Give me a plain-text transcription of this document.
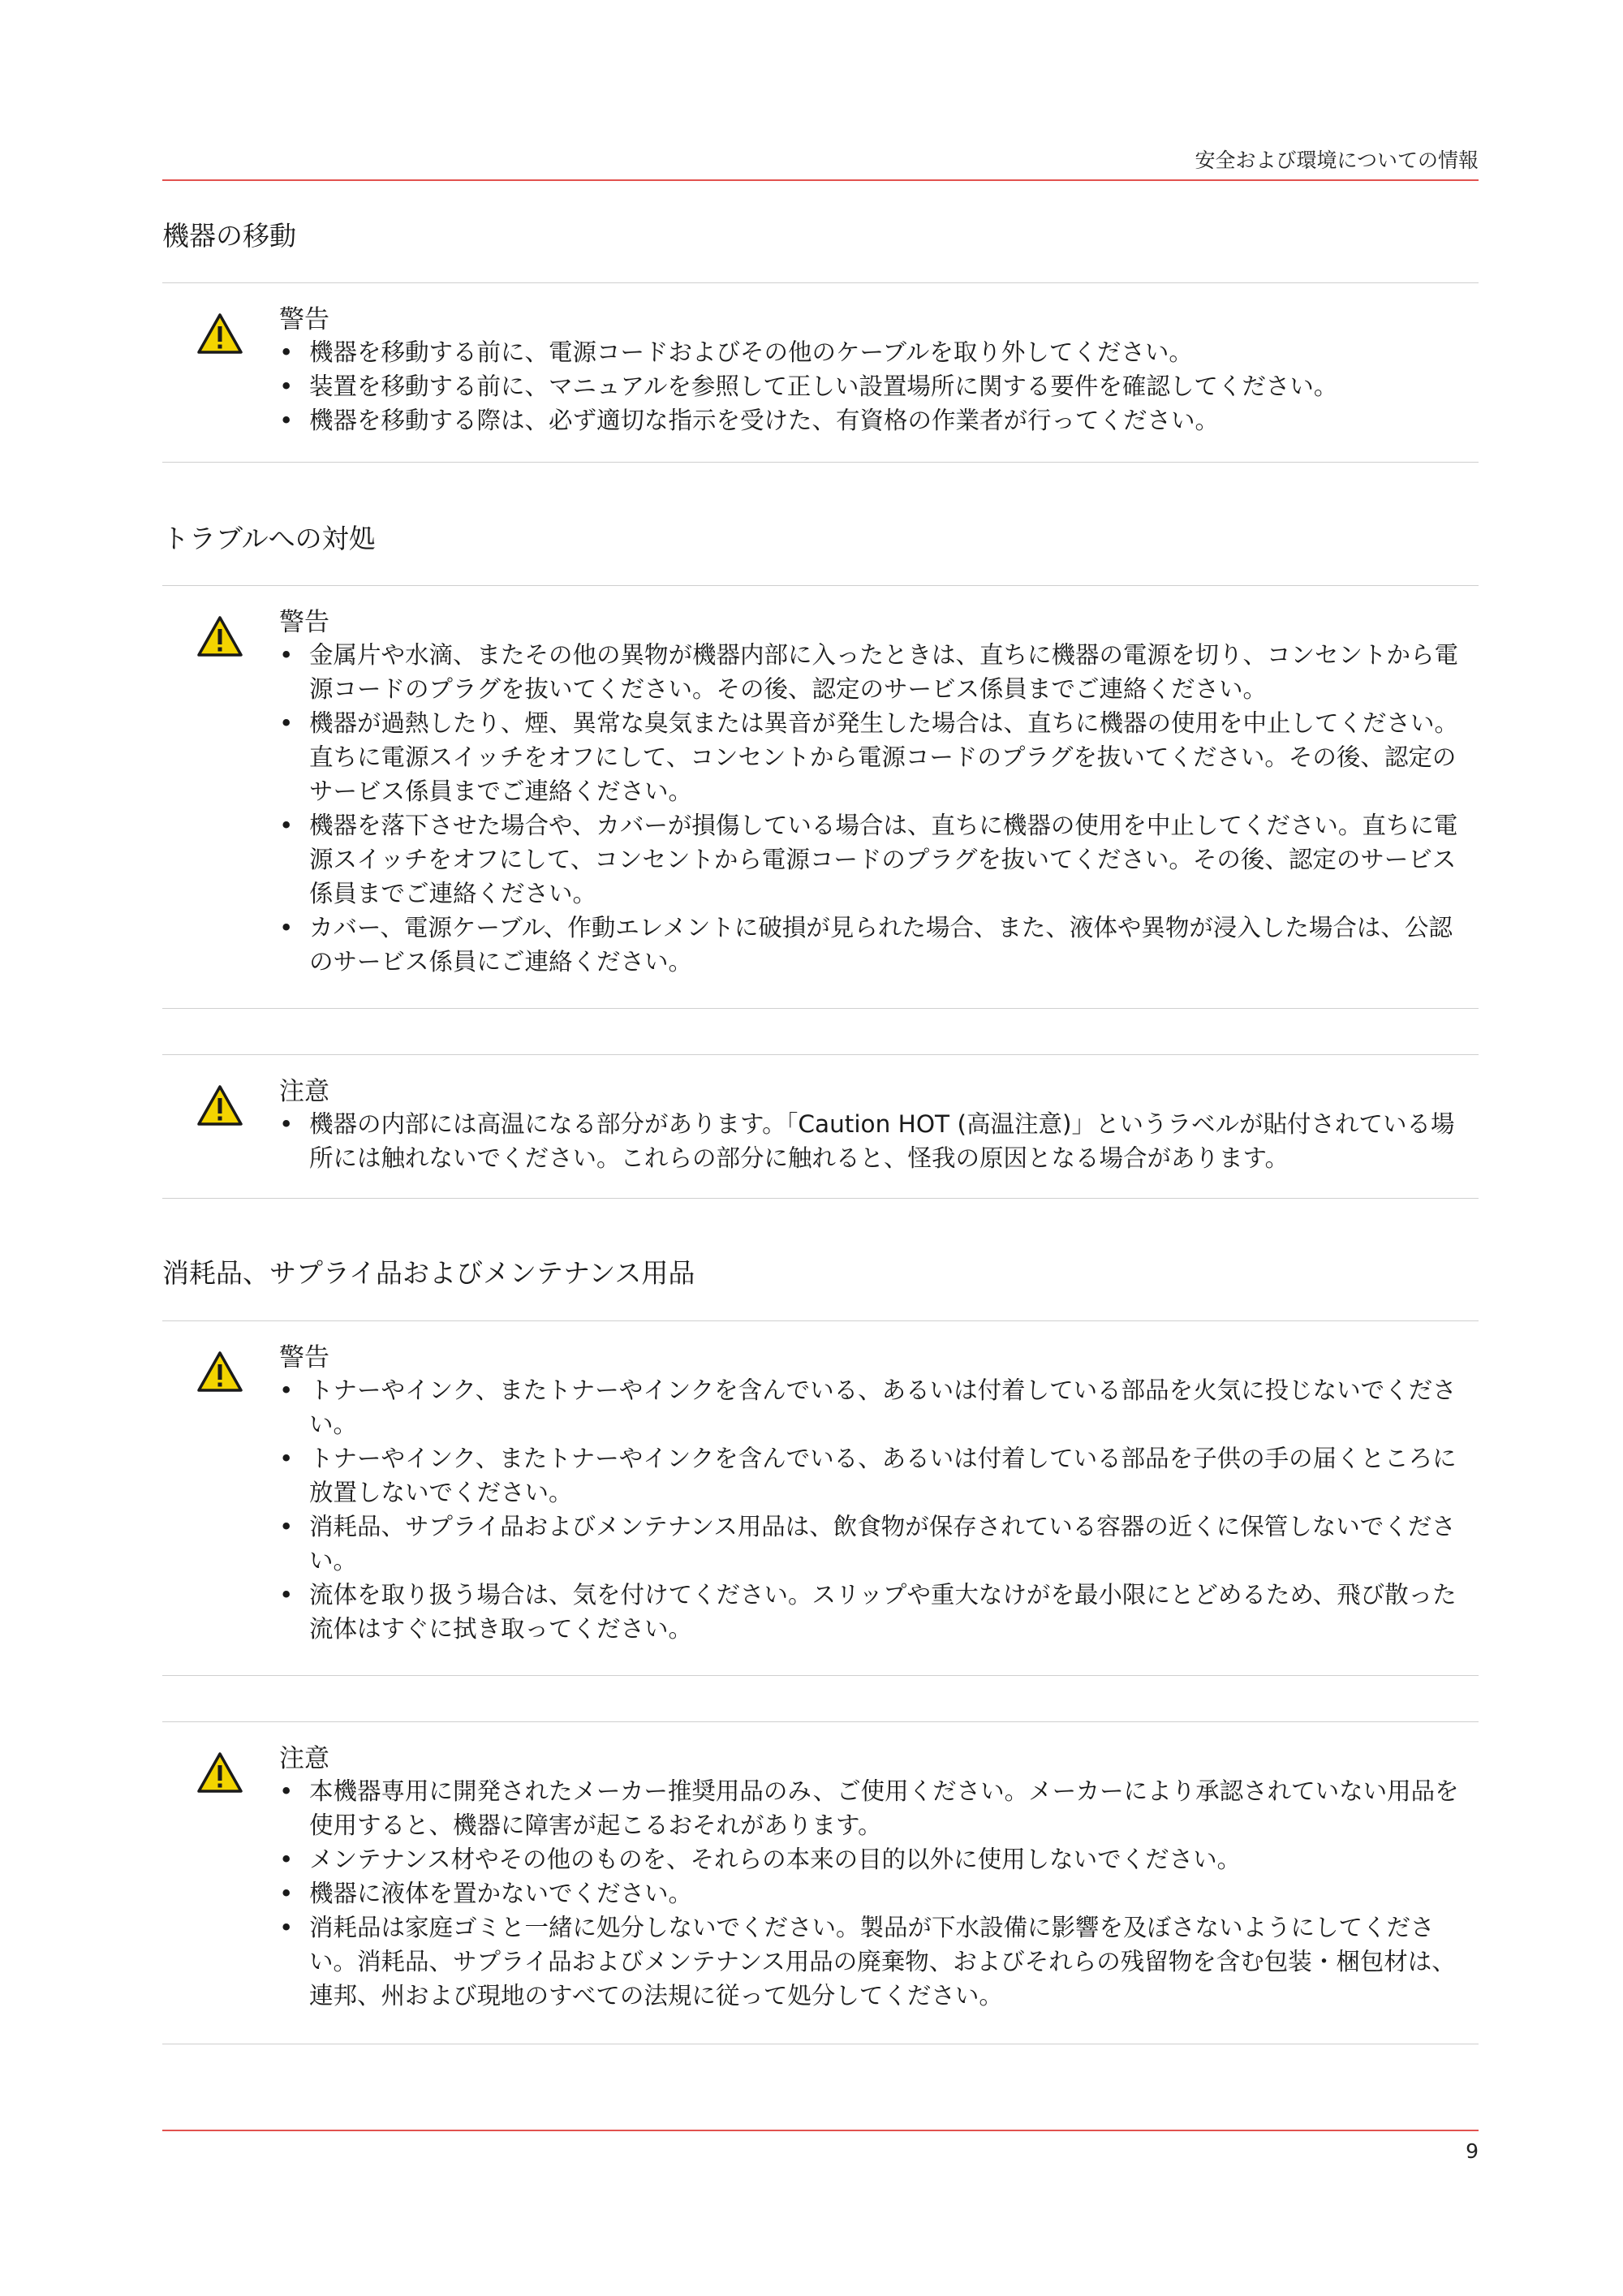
安全および環境についての情報
機器の移動

警告

• 機器を移動する前に、電源コードおよびその他のケーブルを取り外してください。
• 装置を移動する前に、マニュアルを参照して正しい設置場所に関する要件を確認してください。
• 機器を移動する際は、必ず適切な指示を受けた、有資格の作業者が行ってください。
トラブルへの対処

警告

• 金属片や水滴、またその他の異物が機器内部に入ったときは、直ちに機器の電源を切り、コンセントから電源コードのプラグを抜いてください。その後、認定のサービス係員までご連絡ください。
• 機器が過熱したり、煙、異常な臭気または異音が発生した場合は、直ちに機器の使用を中止してください。直ちに電源スイッチをオフにして、コンセントから電源コードのプラグを抜いてください。その後、認定のサービス係員までご連絡ください。
• 機器を落下させた場合や、カバーが損傷している場合は、直ちに機器の使用を中止してください。直ちに電源スイッチをオフにして、コンセントから電源コードのプラグを抜いてください。その後、認定のサービス係員までご連絡ください。
• カバー、電源ケーブル、作動エレメントに破損が見られた場合、また、液体や異物が浸入した場合は、公認のサービス係員にご連絡ください。

注意

• 機器の内部には高温になる部分があります。「Caution HOT (高温注意)」というラベルが貼付されている場所には触れないでください。これらの部分に触れると、怪我の原因となる場合があります。
消耗品、サプライ品およびメンテナンス用品

警告

• トナーやインク、またトナーやインクを含んでいる、あるいは付着している部品を火気に投じないでください。
• トナーやインク、またトナーやインクを含んでいる、あるいは付着している部品を子供の手の届くところに放置しないでください。
• 消耗品、サプライ品およびメンテナンス用品は、飲食物が保存されている容器の近くに保管しないでください。
• 流体を取り扱う場合は、気を付けてください。スリップや重大なけがを最小限にとどめるため、飛び散った流体はすぐに拭き取ってください。

注意

• 本機器専用に開発されたメーカー推奨用品のみ、ご使用ください。メーカーにより承認されていない用品を使用すると、機器に障害が起こるおそれがあります。
• メンテナンス材やその他のものを、それらの本来の目的以外に使用しないでください。
• 機器に液体を置かないでください。
• 消耗品は家庭ゴミと一緒に処分しないでください。製品が下水設備に影響を及ぼさないようにしてください。消耗品、サプライ品およびメンテナンス用品の廃棄物、およびそれらの残留物を含む包装・梱包材は、連邦、州および現地のすべての法規に従って処分してください。
9
